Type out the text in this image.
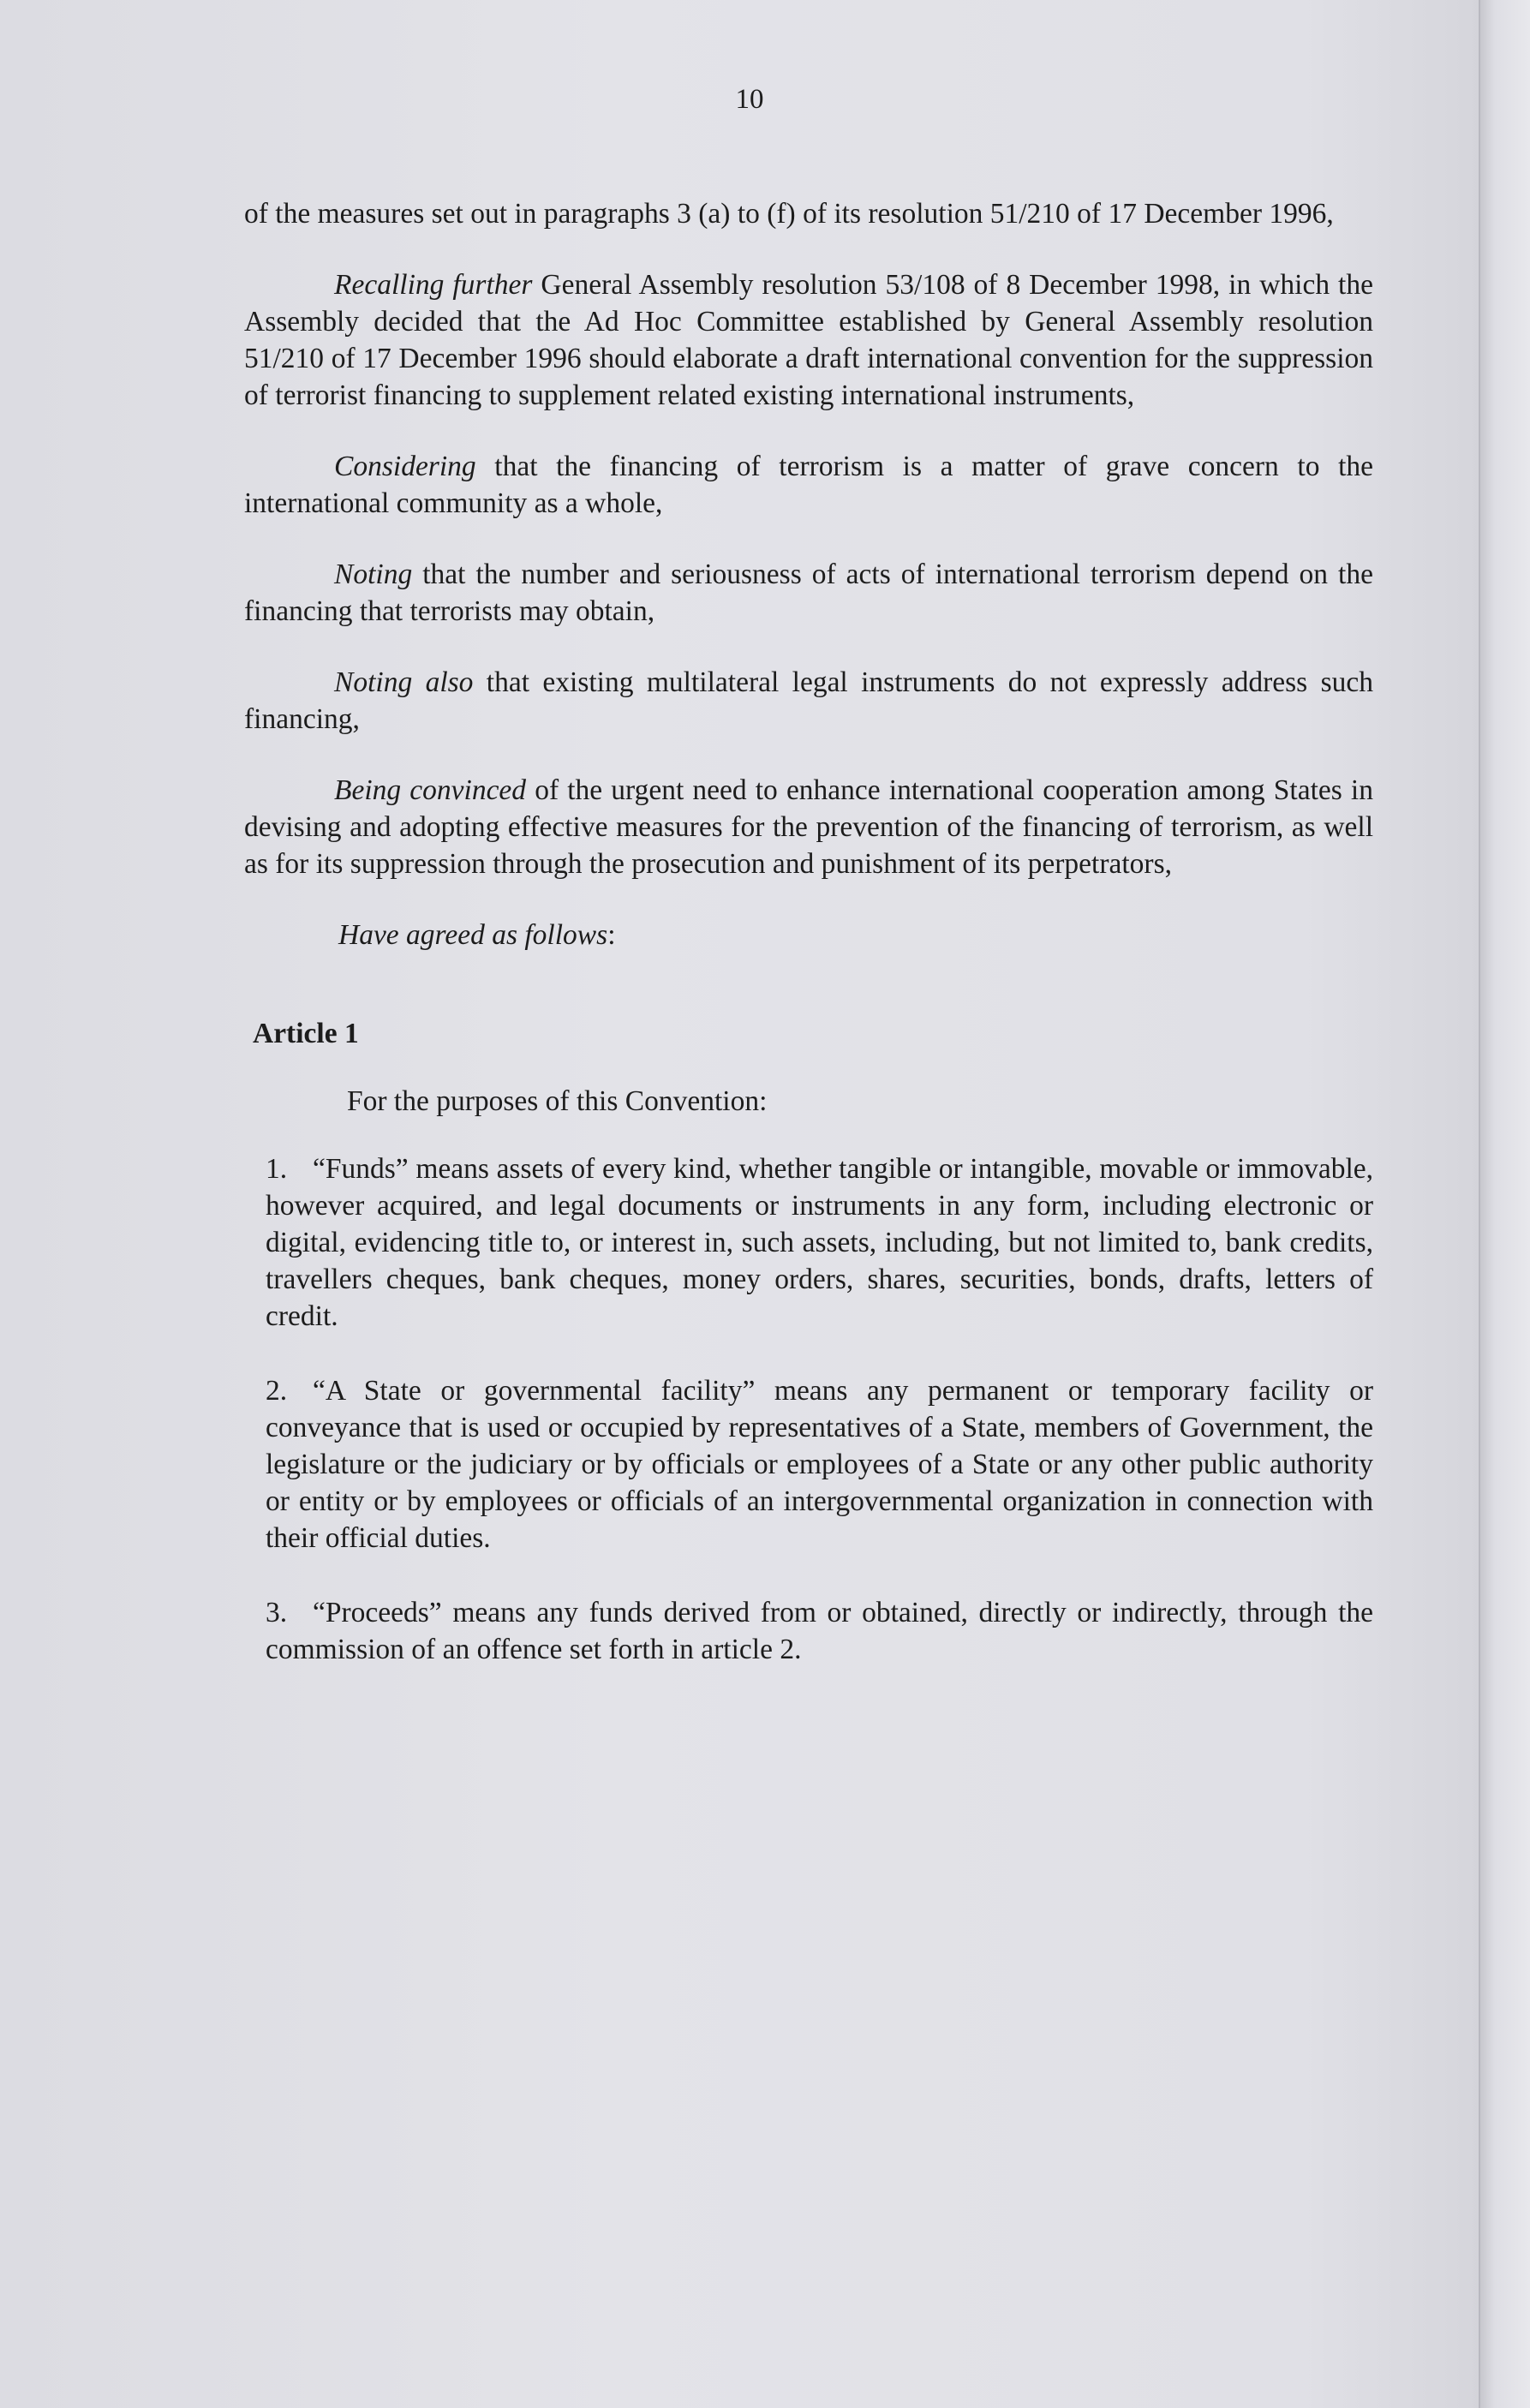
10

of the measures set out in paragraphs 3 (a) to (f) of its resolution 51/210 of 17 December 1996,

Recalling further General Assembly resolution 53/108 of 8 December 1998, in which the Assembly decided that the Ad Hoc Committee established by General Assembly resolution 51/210 of 17 December 1996 should elaborate a draft international convention for the suppression of terrorist financing to supplement related existing international instruments,

Considering that the financing of terrorism is a matter of grave concern to the international community as a whole,

Noting that the number and seriousness of acts of international terrorism depend on the financing that terrorists may obtain,

Noting also that existing multilateral legal instruments do not expressly address such financing,

Being convinced of the urgent need to enhance international cooperation among States in devising and adopting effective measures for the prevention of the financing of terrorism, as well as for its suppression through the prosecution and punishment of its perpetrators,

Have agreed as follows:

Article 1

For the purposes of this Convention:

1. “Funds” means assets of every kind, whether tangible or intangible, movable or immovable, however acquired, and legal documents or instruments in any form, including electronic or digital, evidencing title to, or interest in, such assets, including, but not limited to, bank credits, travellers cheques, bank cheques, money orders, shares, securities, bonds, drafts, letters of credit.

2. “A State or governmental facility” means any permanent or temporary facility or conveyance that is used or occupied by representatives of a State, members of Government, the legislature or the judiciary or by officials or employees of a State or any other public authority or entity or by employees or officials of an intergovernmental organization in connection with their official duties.

3. “Proceeds” means any funds derived from or obtained, directly or indirectly, through the commission of an offence set forth in article 2.
